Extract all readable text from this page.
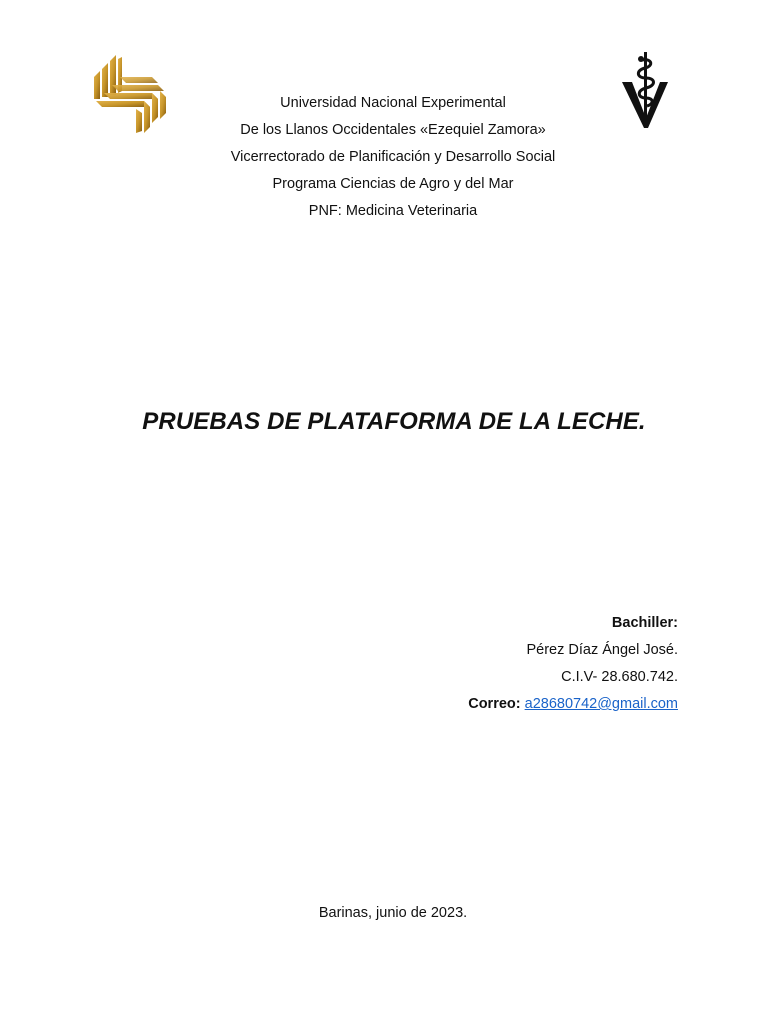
Universidad Nacional Experimental
De los Llanos Occidentales «Ezequiel Zamora»
Vicerrectorado de Planificación y Desarrollo Social
Programa Ciencias de Agro y del Mar
PNF: Medicina Veterinaria
PRUEBAS DE PLATAFORMA DE LA LECHE.
Bachiller:
Pérez Díaz Ángel José.
C.I.V- 28.680.742.
Correo: a28680742@gmail.com
Barinas, junio de 2023.
